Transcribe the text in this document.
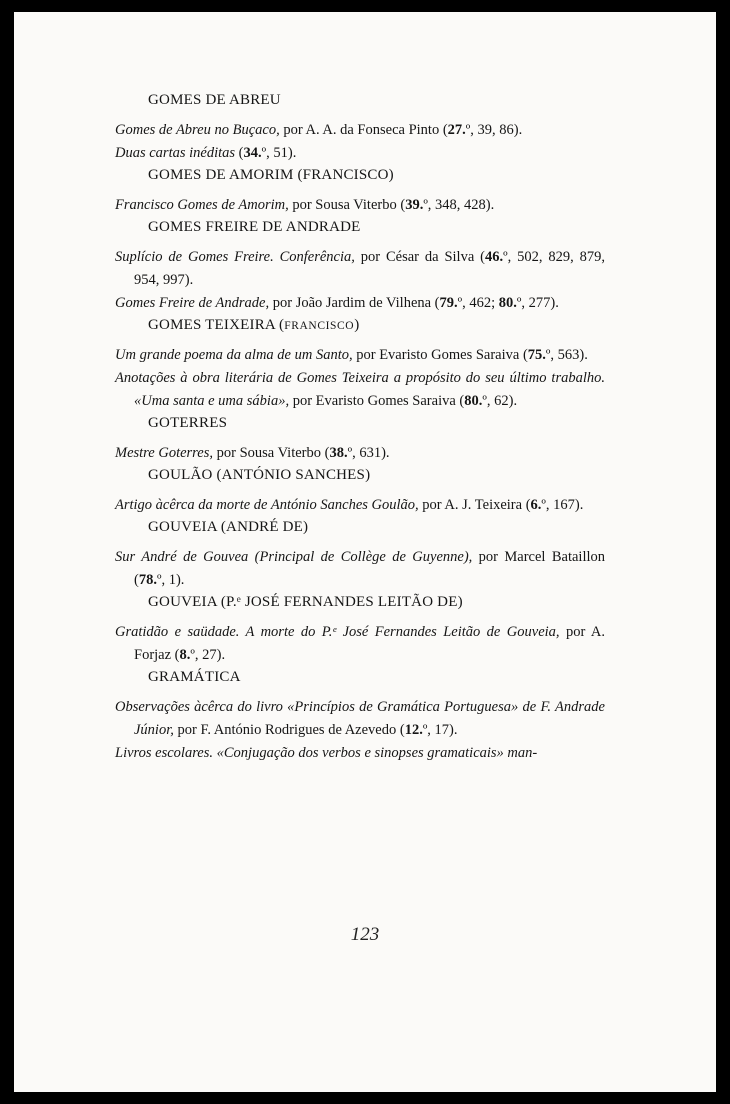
GOMES DE ABREU
Gomes de Abreu no Buçaco, por A. A. da Fonseca Pinto (27.º, 39, 86).
Duas cartas inéditas (34.º, 51).
GOMES DE AMORIM (FRANCISCO)
Francisco Gomes de Amorim, por Sousa Viterbo (39.º, 348, 428).
GOMES FREIRE DE ANDRADE
Suplício de Gomes Freire. Conferência, por César da Silva (46.º, 502, 829, 879, 954, 997).
Gomes Freire de Andrade, por João Jardim de Vilhena (79.º, 462; 80.º, 277).
GOMES TEIXEIRA (FRANCISCO)
Um grande poema da alma de um Santo, por Evaristo Gomes Saraiva (75.º, 563).
Anotações à obra literária de Gomes Teixeira a propósito do seu último trabalho. «Uma santa e uma sábia», por Evaristo Gomes Saraiva (80.º, 62).
GOTERRES
Mestre Goterres, por Sousa Viterbo (38.º, 631).
GOULÃO (ANTÓNIO SANCHES)
Artigo àcêrca da morte de António Sanches Goulão, por A. J. Teixeira (6.º, 167).
GOUVEIA (ANDRÉ DE)
Sur André de Gouvea (Principal de Collège de Guyenne), por Marcel Bataillon (78.º, 1).
GOUVEIA (P.ᵉ JOSÉ FERNANDES LEITÃO DE)
Gratidão e saüdade. A morte do P.ᵉ José Fernandes Leitão de Gouveia, por A. Forjaz (8.º, 27).
GRAMÁTICA
Observações àcêrca do livro «Princípios de Gramática Portuguesa» de F. Andrade Júnior, por F. António Rodrigues de Azevedo (12.º, 17).
Livros escolares. «Conjugação dos verbos e sinopses gramaticais» man-
123
